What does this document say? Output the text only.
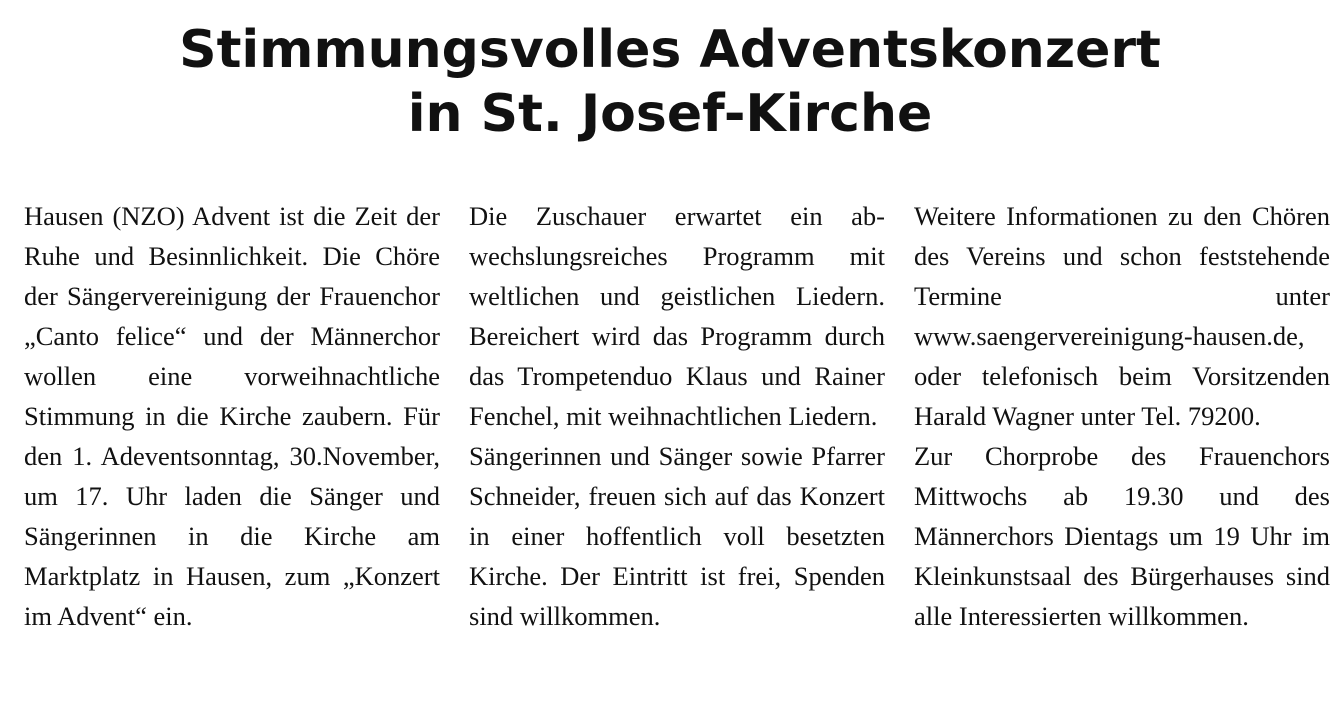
Stimmungsvolles Adventskonzert
in St. Josef-Kirche

Hausen (NZO) Advent ist die Zeit der Ruhe und Besinnlichkeit. Die Chöre der Sängervereinigung der Frauenchor „Canto felice“ und der Männerchor wollen eine vorweihnachtliche Stimmung in die Kirche zaubern. Für den 1. Adeventsonntag, 30.November, um 17. Uhr laden die Sänger und Sängerinnen in die Kirche am Marktplatz in Hausen, zum „Konzert im Advent“ ein.

Die Zuschauer erwartet ein abwechslungsreiches Programm mit weltlichen und geistlichen Liedern. Bereichert wird das Programm durch das Trompetenduo Klaus und Rainer Fenchel, mit weihnachtlichen Liedern.

Sängerinnen und Sänger sowie Pfarrer Schneider, freuen sich auf das Konzert in einer hoffentlich voll besetzten Kirche. Der Eintritt ist frei, Spenden sind willkommen.

Weitere Informationen zu den Chören des Vereins und schon feststehende Termine unter www.saengervereinigung-hausen.de, oder telefonisch beim Vorsitzenden Harald Wagner unter Tel. 79200.

Zur Chorprobe des Frauenchors Mittwochs ab 19.30 und des Männerchors Dientags um 19 Uhr im Kleinkunstsaal des Bürgerhauses sind alle Interessierten willkommen.
